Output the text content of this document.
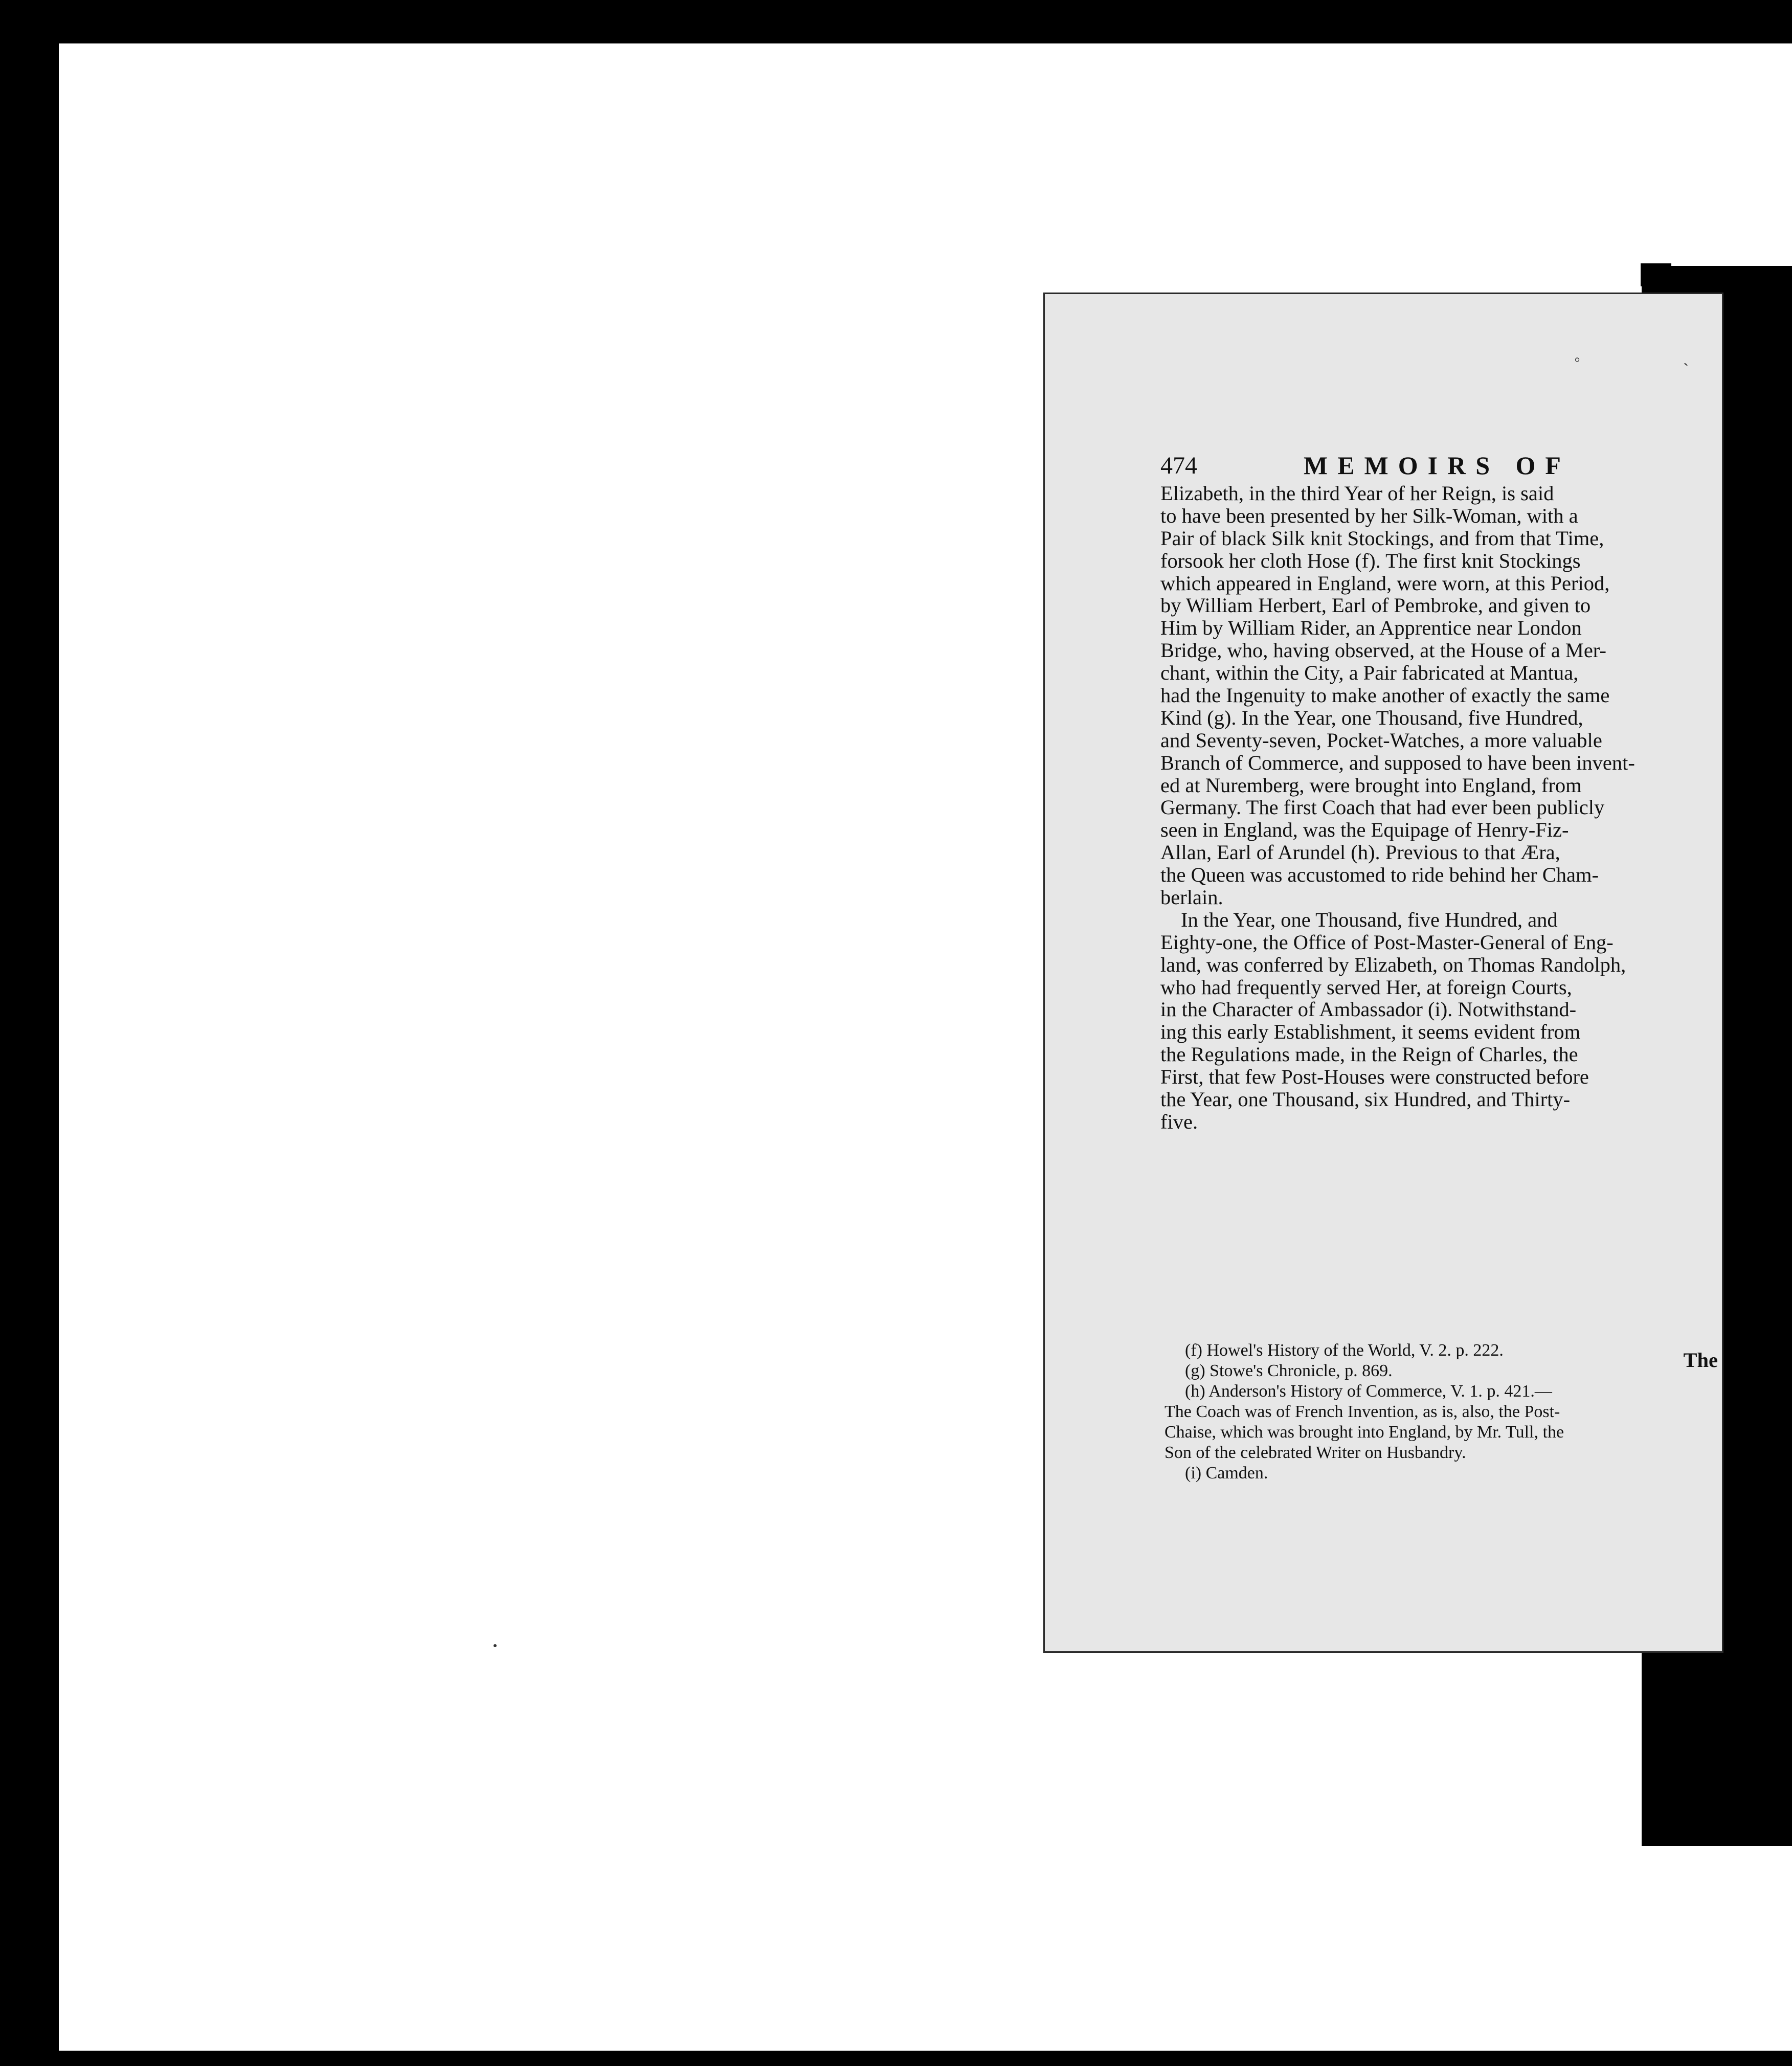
◦
ˋ
474	MEMOIRS OF
Elizabeth, in the third Year of her Reign, is said
to have been presented by her Silk-Woman, with a
Pair of black Silk knit Stockings, and from that Time,
forsook her cloth Hose (f). The first knit Stockings
which appeared in England, were worn, at this Period,
by William Herbert, Earl of Pembroke, and given to
Him by William Rider, an Apprentice near London
Bridge, who, having observed, at the House of a Mer-
chant, within the City, a Pair fabricated at Mantua,
had the Ingenuity to make another of exactly the same
Kind (g). In the Year, one Thousand, five Hundred,
and Seventy-seven, Pocket-Watches, a more valuable
Branch of Commerce, and supposed to have been invent-
ed at Nuremberg, were brought into England, from
Germany. The first Coach that had ever been publicly
seen in England, was the Equipage of Henry-Fiz-
Allan, Earl of Arundel (h). Previous to that Æra,
the Queen was accustomed to ride behind her Cham-
berlain.
In the Year, one Thousand, five Hundred, and
Eighty-one, the Office of Post-Master-General of Eng-
land, was conferred by Elizabeth, on Thomas Randolph,
who had frequently served Her, at foreign Courts,
in the Character of Ambassador (i). Notwithstand-
ing this early Establishment, it seems evident from
the Regulations made, in the Reign of Charles, the
First, that few Post-Houses were constructed before
the Year, one Thousand, six Hundred, and Thirty-
five.
The
(f) Howel's History of the World, V. 2. p. 222.
(g) Stowe's Chronicle, p. 869.
(h) Anderson's History of Commerce, V. 1. p. 421.—
The Coach was of French Invention, as is, also, the Post-
Chaise, which was brought into England, by Mr. Tull, the
Son of the celebrated Writer on Husbandry.
(i) Camden.
